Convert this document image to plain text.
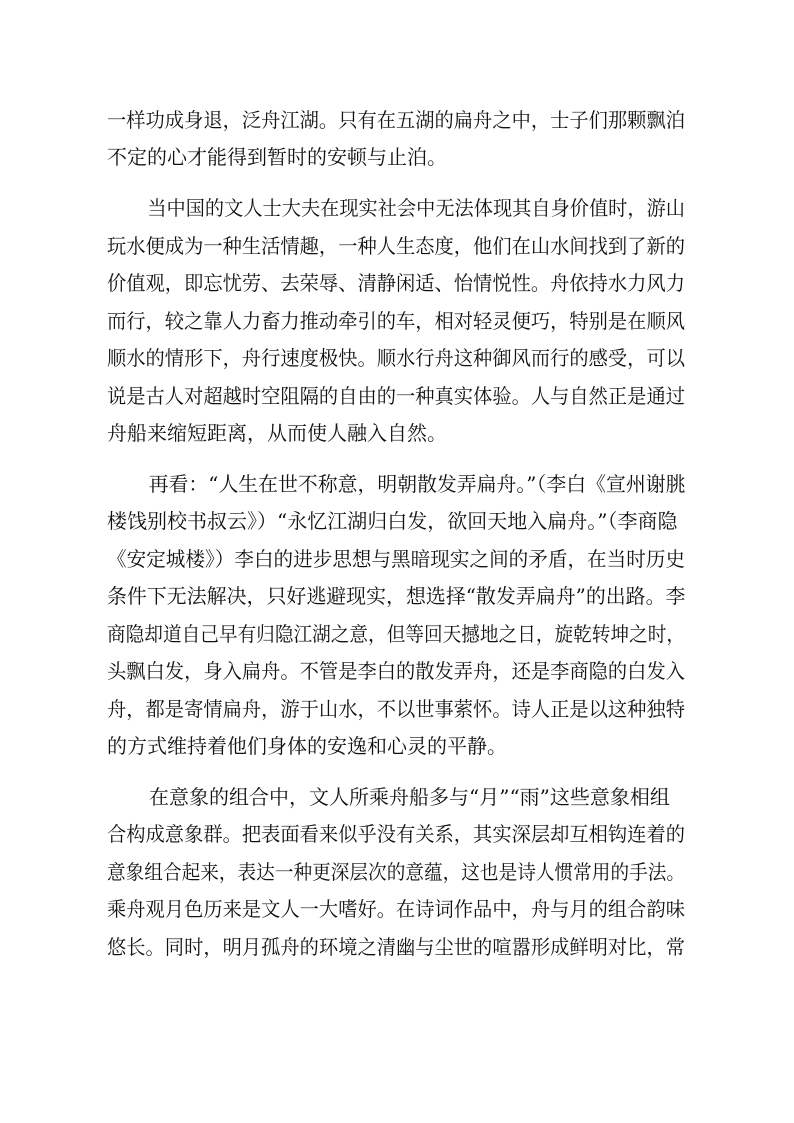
一样功成身退，泛舟江湖。只有在五湖的扁舟之中，士子们那颗飘泊
不定的心才能得到暂时的安顿与止泊。
当中国的文人士大夫在现实社会中无法体现其自身价值时，游山
玩水便成为一种生活情趣，一种人生态度，他们在山水间找到了新的
价值观，即忘忧劳、去荣辱、清静闲适、怡情悦性。舟依持水力风力
而行，较之靠人力畜力推动牵引的车，相对轻灵便巧，特别是在顺风
顺水的情形下，舟行速度极快。顺水行舟这种御风而行的感受，可以
说是古人对超越时空阻隔的自由的一种真实体验。人与自然正是通过
舟船来缩短距离，从而使人融入自然。
再看：“人生在世不称意，明朝散发弄扁舟。”（李白《宣州谢朓
楼饯别校书叔云》）“永忆江湖归白发，欲回天地入扁舟。”（李商隐
《安定城楼》）李白的进步思想与黑暗现实之间的矛盾，在当时历史
条件下无法解决，只好逃避现实，想选择“散发弄扁舟”的出路。李
商隐却道自己早有归隐江湖之意，但等回天撼地之日，旋乾转坤之时，
头飘白发，身入扁舟。不管是李白的散发弄舟，还是李商隐的白发入
舟，都是寄情扁舟，游于山水，不以世事萦怀。诗人正是以这种独特
的方式维持着他们身体的安逸和心灵的平静。
在意象的组合中，文人所乘舟船多与“月”“雨”这些意象相组
合构成意象群。把表面看来似乎没有关系，其实深层却互相钩连着的
意象组合起来，表达一种更深层次的意蕴，这也是诗人惯常用的手法。
乘舟观月色历来是文人一大嗜好。在诗词作品中，舟与月的组合韵味
悠长。同时，明月孤舟的环境之清幽与尘世的喧嚣形成鲜明对比，常
